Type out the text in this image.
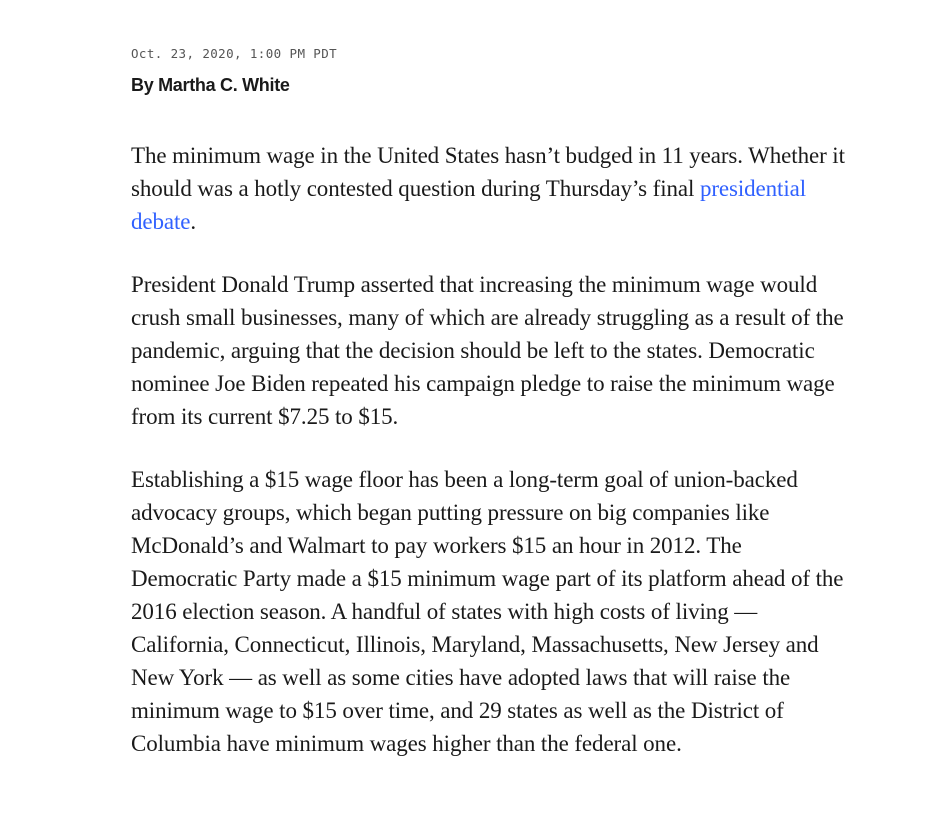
Oct. 23, 2020, 1:00 PM PDT

By Martha C. White

The minimum wage in the United States hasn’t budged in 11 years. Whether it should was a hotly contested question during Thursday’s final presidential debate.

President Donald Trump asserted that increasing the minimum wage would crush small businesses, many of which are already struggling as a result of the pandemic, arguing that the decision should be left to the states. Democratic nominee Joe Biden repeated his campaign pledge to raise the minimum wage from its current $7.25 to $15.

Establishing a $15 wage floor has been a long-term goal of union-backed advocacy groups, which began putting pressure on big companies like McDonald’s and Walmart to pay workers $15 an hour in 2012. The Democratic Party made a $15 minimum wage part of its platform ahead of the 2016 election season. A handful of states with high costs of living — California, Connecticut, Illinois, Maryland, Massachusetts, New Jersey and New York — as well as some cities have adopted laws that will raise the minimum wage to $15 over time, and 29 states as well as the District of Columbia have minimum wages higher than the federal one.
